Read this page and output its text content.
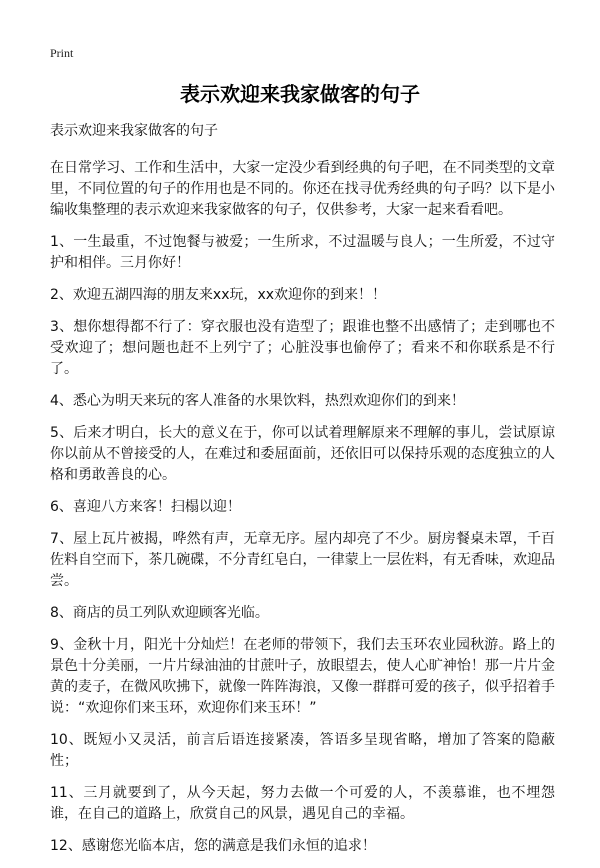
Print
表示欢迎来我家做客的句子

表示欢迎来我家做客的句子

在日常学习、工作和生活中，大家一定没少看到经典的句子吧，在不同类型的文章里，不同位置的句子的作用也是不同的。你还在找寻优秀经典的句子吗？以下是小编收集整理的表示欢迎来我家做客的句子，仅供参考，大家一起来看看吧。

1、一生最重，不过饱餐与被爱；一生所求，不过温暖与良人；一生所爱，不过守护和相伴。三月你好！

2、欢迎五湖四海的朋友来xx玩，xx欢迎你的到来！！

3、想你想得都不行了：穿衣服也没有造型了；跟谁也整不出感情了；走到哪也不受欢迎了；想问题也赶不上列宁了；心脏没事也偷停了；看来不和你联系是不行了。

4、悉心为明天来玩的客人准备的水果饮料，热烈欢迎你们的到来！

5、后来才明白，长大的意义在于，你可以试着理解原来不理解的事儿，尝试原谅你以前从不曾接受的人，在难过和委屈面前，还依旧可以保持乐观的态度独立的人格和勇敢善良的心。

6、喜迎八方来客！扫榻以迎！

7、屋上瓦片被揭，哗然有声，无章无序。屋内却亮了不少。厨房餐桌未罩，千百佐料自空而下，茶几碗碟，不分青红皂白，一律蒙上一层佐料，有无香味，欢迎品尝。

8、商店的员工列队欢迎顾客光临。

9、金秋十月，阳光十分灿烂！在老师的带领下，我们去玉环农业园秋游。路上的景色十分美丽，一片片绿油油的甘蔗叶子，放眼望去，使人心旷神怡！那一片片金黄的麦子，在微风吹拂下，就像一阵阵海浪，又像一群群可爱的孩子，似乎招着手说：“欢迎你们来玉环，欢迎你们来玉环！”

10、既短小又灵活，前言后语连接紧凑，答语多呈现省略，增加了答案的隐蔽性；

11、三月就要到了，从今天起，努力去做一个可爱的人，不羡慕谁，也不埋怨谁，在自己的道路上，欣赏自己的风景，遇见自己的幸福。

12、感谢您光临本店，您的满意是我们永恒的追求！
